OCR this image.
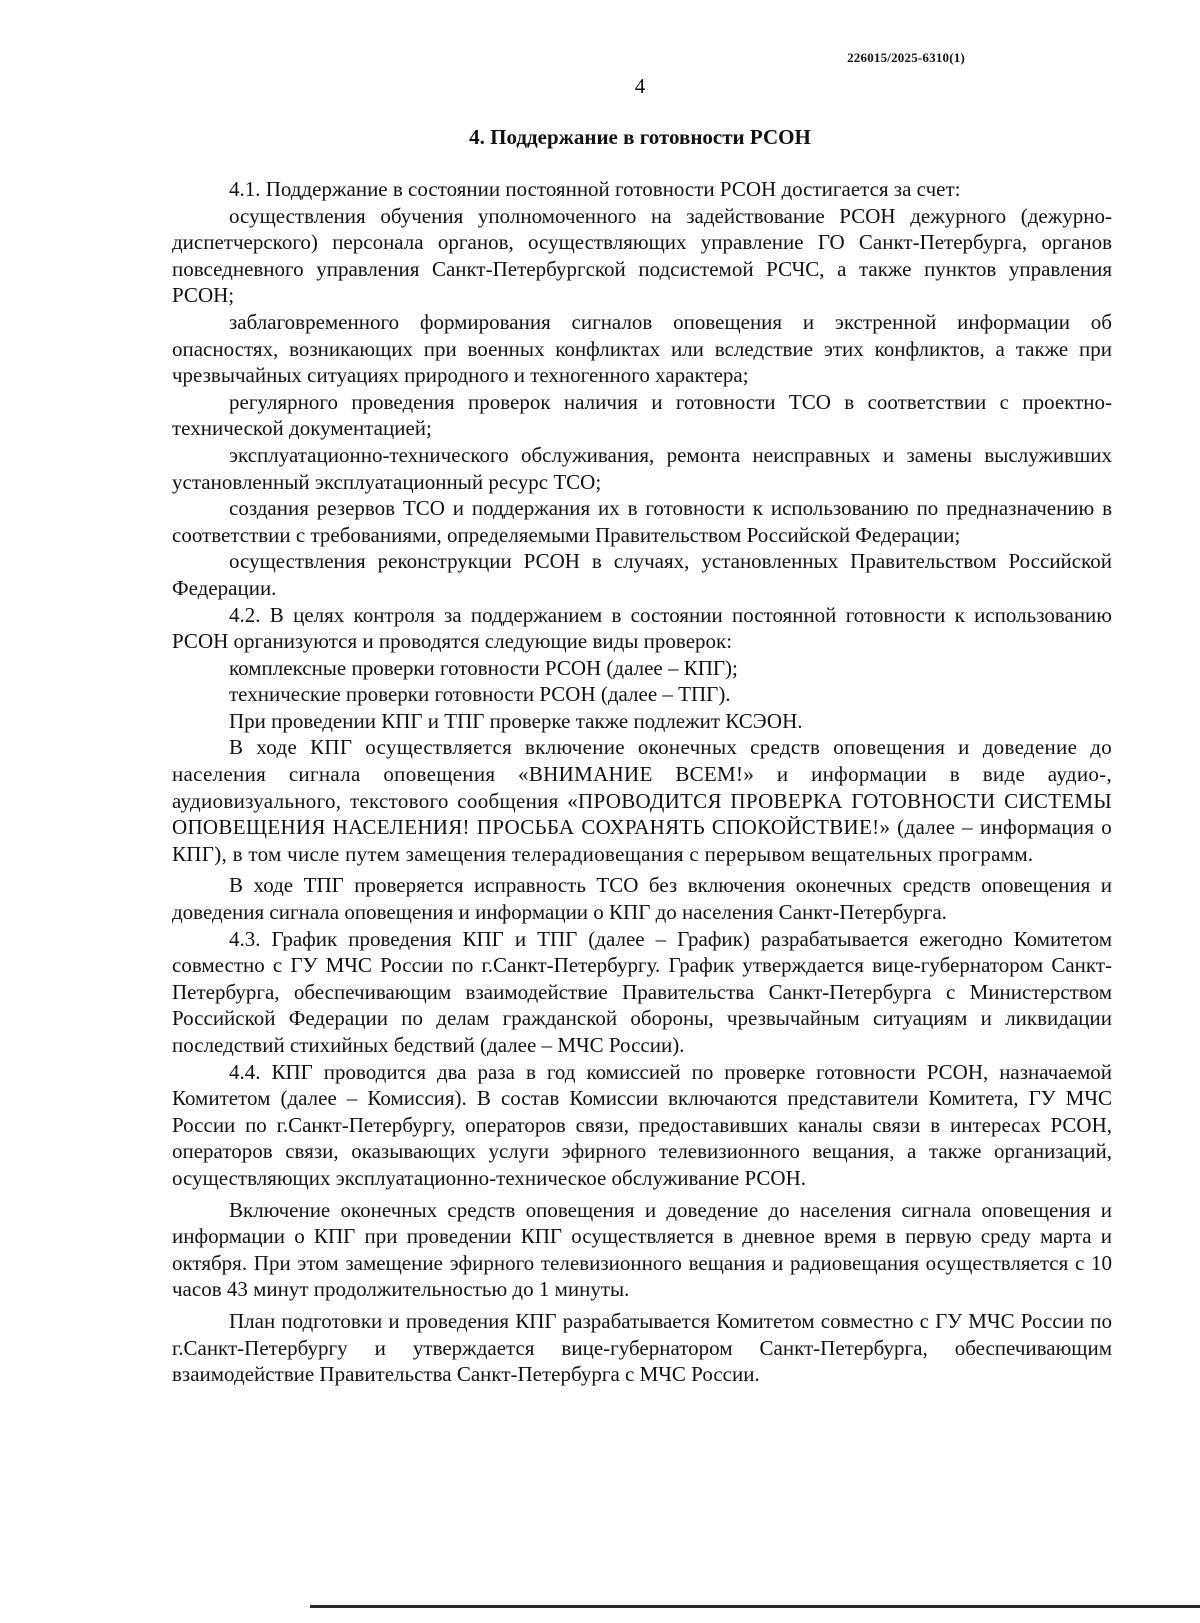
226015/2025-6310(1)
4
4. Поддержание в готовности РСОН

4.1. Поддержание в состоянии постоянной готовности РСОН достигается за счет:

осуществления обучения уполномоченного на задействование РСОН дежурного (дежурно-диспетчерского) персонала органов, осуществляющих управление ГО Санкт-Петербурга, органов повседневного управления Санкт-Петербургской подсистемой РСЧС, а также пунктов управления РСОН;

заблаговременного формирования сигналов оповещения и экстренной информации об опасностях, возникающих при военных конфликтах или вследствие этих конфликтов, а также при чрезвычайных ситуациях природного и техногенного характера;

регулярного проведения проверок наличия и готовности ТСО в соответствии с проектно-технической документацией;

эксплуатационно-технического обслуживания, ремонта неисправных и замены выслуживших установленный эксплуатационный ресурс ТСО;

создания резервов ТСО и поддержания их в готовности к использованию по предназначению в соответствии с требованиями, определяемыми Правительством Российской Федерации;

осуществления реконструкции РСОН в случаях, установленных Правительством Российской Федерации.

4.2. В целях контроля за поддержанием в состоянии постоянной готовности к использованию РСОН организуются и проводятся следующие виды проверок:

комплексные проверки готовности РСОН (далее – КПГ);

технические проверки готовности РСОН (далее – ТПГ).

При проведении КПГ и ТПГ проверке также подлежит КСЭОН.

В ходе КПГ осуществляется включение оконечных средств оповещения и доведение до населения сигнала оповещения «ВНИМАНИЕ ВСЕМ!» и информации в виде аудио-, аудиовизуального, текстового сообщения «ПРОВОДИТСЯ ПРОВЕРКА ГОТОВНОСТИ СИСТЕМЫ ОПОВЕЩЕНИЯ НАСЕЛЕНИЯ! ПРОСЬБА СОХРАНЯТЬ СПОКОЙСТВИЕ!» (далее – информация о КПГ), в том числе путем замещения телерадиовещания с перерывом вещательных программ.

В ходе ТПГ проверяется исправность ТСО без включения оконечных средств оповещения и доведения сигнала оповещения и информации о КПГ до населения Санкт-Петербурга.

4.3. График проведения КПГ и ТПГ (далее – График) разрабатывается ежегодно Комитетом совместно с ГУ МЧС России по г.Санкт-Петербургу. График утверждается вице-губернатором Санкт-Петербурга, обеспечивающим взаимодействие Правительства Санкт-Петербурга с Министерством Российской Федерации по делам гражданской обороны, чрезвычайным ситуациям и ликвидации последствий стихийных бедствий (далее – МЧС России).

4.4. КПГ проводится два раза в год комиссией по проверке готовности РСОН, назначаемой Комитетом (далее – Комиссия). В состав Комиссии включаются представители Комитета, ГУ МЧС России по г.Санкт-Петербургу, операторов связи, предоставивших каналы связи в интересах РСОН, операторов связи, оказывающих услуги эфирного телевизионного вещания, а также организаций, осуществляющих эксплуатационно-техническое обслуживание РСОН.

Включение оконечных средств оповещения и доведение до населения сигнала оповещения и информации о КПГ при проведении КПГ осуществляется в дневное время в первую среду марта и октября. При этом замещение эфирного телевизионного вещания и радиовещания осуществляется с 10 часов 43 минут продолжительностью до 1 минуты.

План подготовки и проведения КПГ разрабатывается Комитетом совместно с ГУ МЧС России по г.Санкт-Петербургу и утверждается вице-губернатором Санкт-Петербурга, обеспечивающим взаимодействие Правительства Санкт-Петербурга с МЧС России.
